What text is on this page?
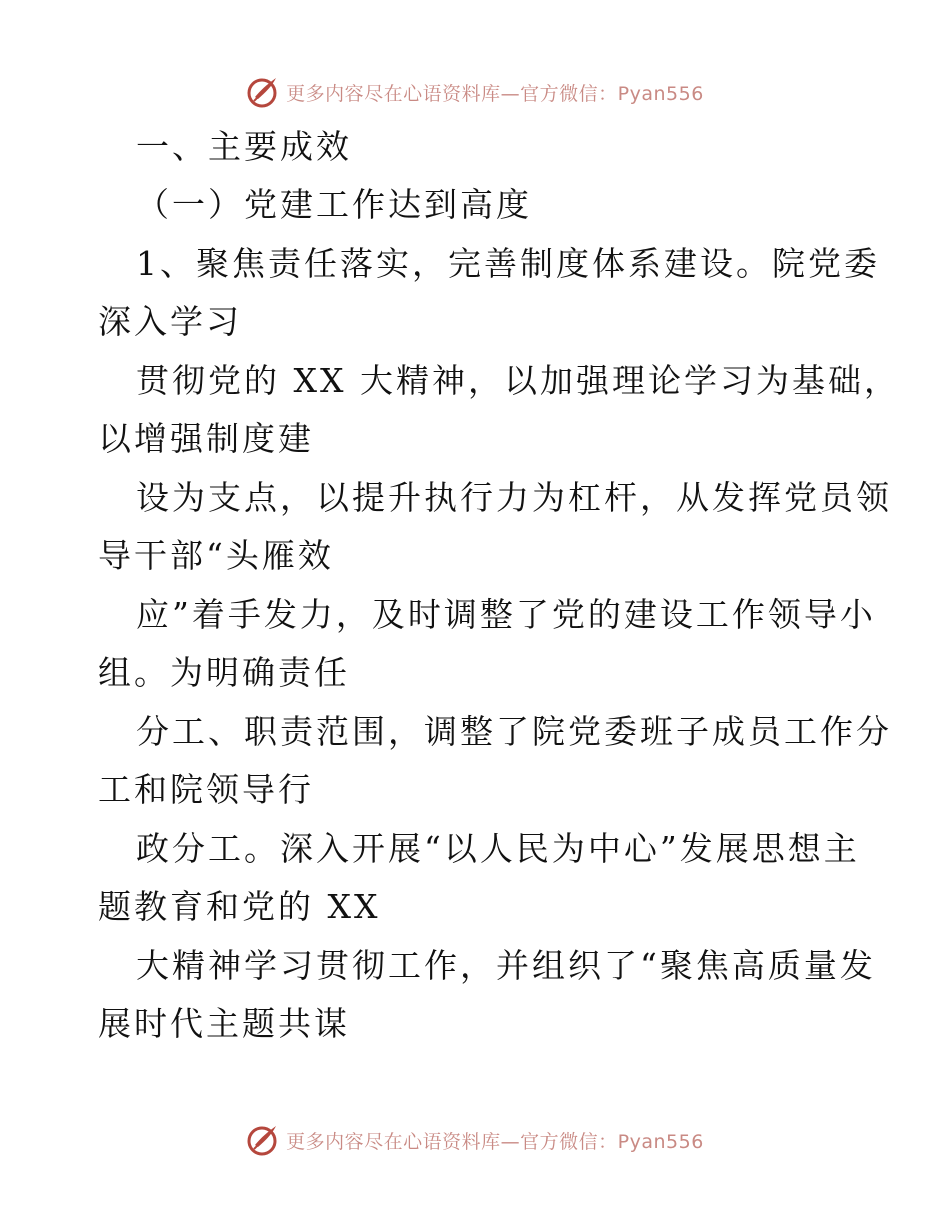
更多内容尽在心语资料库—官方微信：Pyan556
一、主要成效
（一）党建工作达到高度
1、聚焦责任落实，完善制度体系建设。院党委
深入学习
贯彻党的 XX 大精神，以加强理论学习为基础，
以增强制度建
设为支点，以提升执行力为杠杆，从发挥党员领
导干部“头雁效
应”着手发力，及时调整了党的建设工作领导小
组。为明确责任
分工、职责范围，调整了院党委班子成员工作分
工和院领导行
政分工。深入开展“以人民为中心”发展思想主
题教育和党的 XX
大精神学习贯彻工作，并组织了“聚焦高质量发
展时代主题共谋
更多内容尽在心语资料库—官方微信：Pyan556
